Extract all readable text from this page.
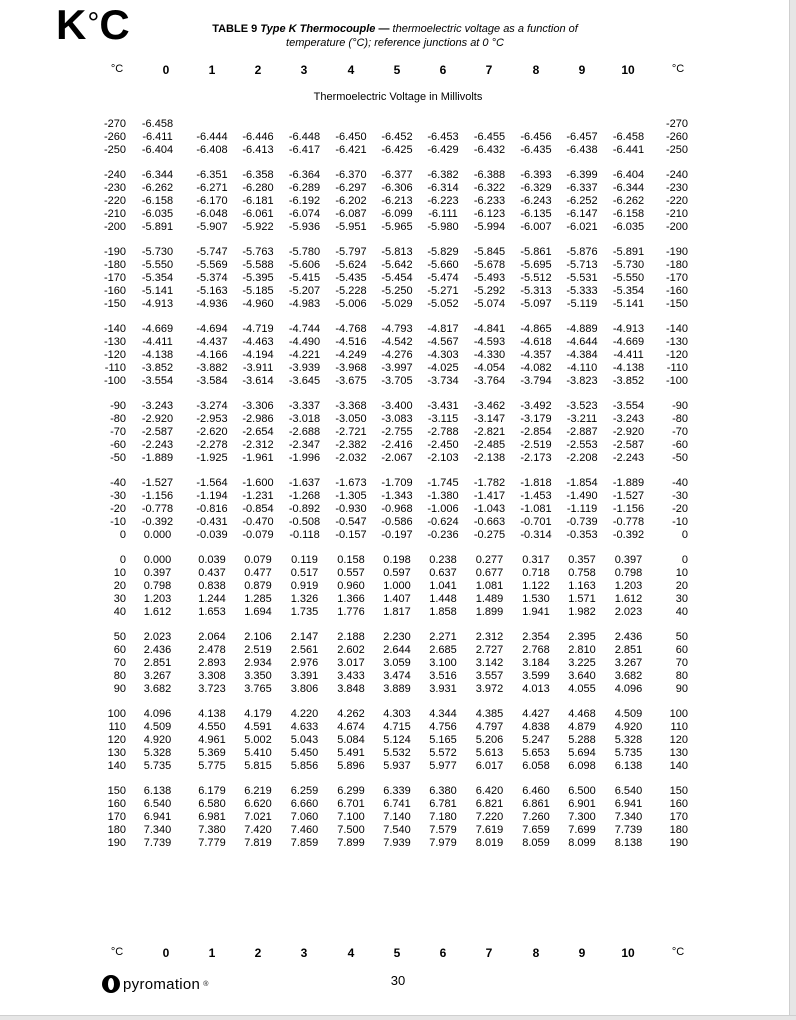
K°C	TABLE 9 Type K Thermocouple — thermoelectric voltage as a function of
temperature (°C); reference junctions at 0 °C
°C	0	1	2	3	4	5	6	7	8	9	10	°C
Thermoelectric Voltage in Millivolts
-270	-6.458											-270
-260	-6.411	-6.444	-6.446	-6.448	-6.450	-6.452	-6.453	-6.455	-6.456	-6.457	-6.458	-260
-250	-6.404	-6.408	-6.413	-6.417	-6.421	-6.425	-6.429	-6.432	-6.435	-6.438	-6.441	-250

-240	-6.344	-6.351	-6.358	-6.364	-6.370	-6.377	-6.382	-6.388	-6.393	-6.399	-6.404	-240
-230	-6.262	-6.271	-6.280	-6.289	-6.297	-6.306	-6.314	-6.322	-6.329	-6.337	-6.344	-230
-220	-6.158	-6.170	-6.181	-6.192	-6.202	-6.213	-6.223	-6.233	-6.243	-6.252	-6.262	-220
-210	-6.035	-6.048	-6.061	-6.074	-6.087	-6.099	-6.111	-6.123	-6.135	-6.147	-6.158	-210
-200	-5.891	-5.907	-5.922	-5.936	-5.951	-5.965	-5.980	-5.994	-6.007	-6.021	-6.035	-200

-190	-5.730	-5.747	-5.763	-5.780	-5.797	-5.813	-5.829	-5.845	-5.861	-5.876	-5.891	-190
-180	-5.550	-5.569	-5.588	-5.606	-5.624	-5.642	-5.660	-5.678	-5.695	-5.713	-5.730	-180
-170	-5.354	-5.374	-5.395	-5.415	-5.435	-5.454	-5.474	-5.493	-5.512	-5.531	-5.550	-170
-160	-5.141	-5.163	-5.185	-5.207	-5.228	-5.250	-5.271	-5.292	-5.313	-5.333	-5.354	-160
-150	-4.913	-4.936	-4.960	-4.983	-5.006	-5.029	-5.052	-5.074	-5.097	-5.119	-5.141	-150

-140	-4.669	-4.694	-4.719	-4.744	-4.768	-4.793	-4.817	-4.841	-4.865	-4.889	-4.913	-140
-130	-4.411	-4.437	-4.463	-4.490	-4.516	-4.542	-4.567	-4.593	-4.618	-4.644	-4.669	-130
-120	-4.138	-4.166	-4.194	-4.221	-4.249	-4.276	-4.303	-4.330	-4.357	-4.384	-4.411	-120
-110	-3.852	-3.882	-3.911	-3.939	-3.968	-3.997	-4.025	-4.054	-4.082	-4.110	-4.138	-110
-100	-3.554	-3.584	-3.614	-3.645	-3.675	-3.705	-3.734	-3.764	-3.794	-3.823	-3.852	-100

-90	-3.243	-3.274	-3.306	-3.337	-3.368	-3.400	-3.431	-3.462	-3.492	-3.523	-3.554	-90
-80	-2.920	-2.953	-2.986	-3.018	-3.050	-3.083	-3.115	-3.147	-3.179	-3.211	-3.243	-80
-70	-2.587	-2.620	-2.654	-2.688	-2.721	-2.755	-2.788	-2.821	-2.854	-2.887	-2.920	-70
-60	-2.243	-2.278	-2.312	-2.347	-2.382	-2.416	-2.450	-2.485	-2.519	-2.553	-2.587	-60
-50	-1.889	-1.925	-1.961	-1.996	-2.032	-2.067	-2.103	-2.138	-2.173	-2.208	-2.243	-50

-40	-1.527	-1.564	-1.600	-1.637	-1.673	-1.709	-1.745	-1.782	-1.818	-1.854	-1.889	-40
-30	-1.156	-1.194	-1.231	-1.268	-1.305	-1.343	-1.380	-1.417	-1.453	-1.490	-1.527	-30
-20	-0.778	-0.816	-0.854	-0.892	-0.930	-0.968	-1.006	-1.043	-1.081	-1.119	-1.156	-20
-10	-0.392	-0.431	-0.470	-0.508	-0.547	-0.586	-0.624	-0.663	-0.701	-0.739	-0.778	-10
0	0.000	-0.039	-0.079	-0.118	-0.157	-0.197	-0.236	-0.275	-0.314	-0.353	-0.392	0

0	0.000	0.039	0.079	0.119	0.158	0.198	0.238	0.277	0.317	0.357	0.397	0
10	0.397	0.437	0.477	0.517	0.557	0.597	0.637	0.677	0.718	0.758	0.798	10
20	0.798	0.838	0.879	0.919	0.960	1.000	1.041	1.081	1.122	1.163	1.203	20
30	1.203	1.244	1.285	1.326	1.366	1.407	1.448	1.489	1.530	1.571	1.612	30
40	1.612	1.653	1.694	1.735	1.776	1.817	1.858	1.899	1.941	1.982	2.023	40

50	2.023	2.064	2.106	2.147	2.188	2.230	2.271	2.312	2.354	2.395	2.436	50
60	2.436	2.478	2.519	2.561	2.602	2.644	2.685	2.727	2.768	2.810	2.851	60
70	2.851	2.893	2.934	2.976	3.017	3.059	3.100	3.142	3.184	3.225	3.267	70
80	3.267	3.308	3.350	3.391	3.433	3.474	3.516	3.557	3.599	3.640	3.682	80
90	3.682	3.723	3.765	3.806	3.848	3.889	3.931	3.972	4.013	4.055	4.096	90

100	4.096	4.138	4.179	4.220	4.262	4.303	4.344	4.385	4.427	4.468	4.509	100
110	4.509	4.550	4.591	4.633	4.674	4.715	4.756	4.797	4.838	4.879	4.920	110
120	4.920	4.961	5.002	5.043	5.084	5.124	5.165	5.206	5.247	5.288	5.328	120
130	5.328	5.369	5.410	5.450	5.491	5.532	5.572	5.613	5.653	5.694	5.735	130
140	5.735	5.775	5.815	5.856	5.896	5.937	5.977	6.017	6.058	6.098	6.138	140

150	6.138	6.179	6.219	6.259	6.299	6.339	6.380	6.420	6.460	6.500	6.540	150
160	6.540	6.580	6.620	6.660	6.701	6.741	6.781	6.821	6.861	6.901	6.941	160
170	6.941	6.981	7.021	7.060	7.100	7.140	7.180	7.220	7.260	7.300	7.340	170
180	7.340	7.380	7.420	7.460	7.500	7.540	7.579	7.619	7.659	7.699	7.739	180
190	7.739	7.779	7.819	7.859	7.899	7.939	7.979	8.019	8.059	8.099	8.138	190
°C	0	1	2	3	4	5	6	7	8	9	10	°C
pyromation ®	30
